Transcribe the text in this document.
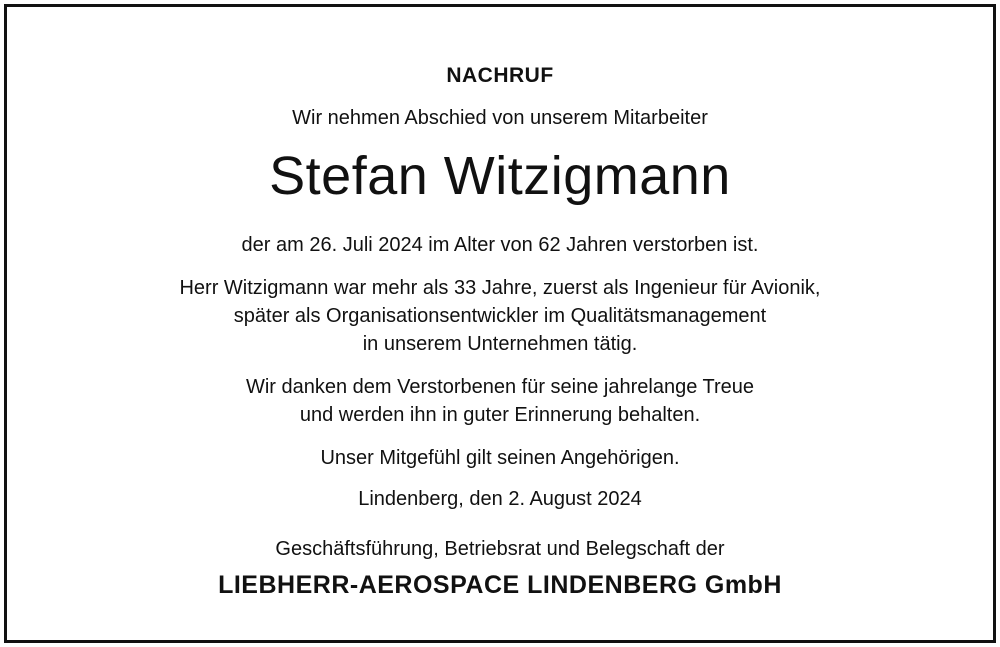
NACHRUF
Wir nehmen Abschied von unserem Mitarbeiter
Stefan Witzigmann
der am 26. Juli 2024 im Alter von 62 Jahren verstorben ist.
Herr Witzigmann war mehr als 33 Jahre, zuerst als Ingenieur für Avionik,
später als Organisationsentwickler im Qualitätsmanagement
in unserem Unternehmen tätig.
Wir danken dem Verstorbenen für seine jahrelange Treue
und werden ihn in guter Erinnerung behalten.
Unser Mitgefühl gilt seinen Angehörigen.
Lindenberg, den 2. August 2024
Geschäftsführung, Betriebsrat und Belegschaft der
LIEBHERR-AEROSPACE LINDENBERG GmbH
